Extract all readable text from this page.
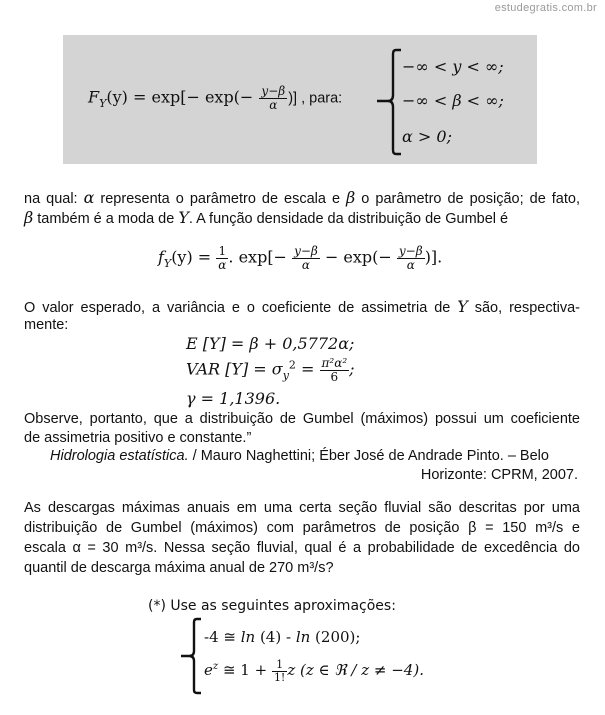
estudegratis.com.br
$F_Y(y) = \exp[- \exp(- \frac{y-\beta}{\alpha}$ )] , para:
−∞ < y < ∞;
−∞ < β < ∞;
α > 0;
na qual: α representa o parâmetro de escala e β o parâmetro de posição; de fato,
β também é a moda de Y. A função densidade da distribuição de Gumbel é
$f_Y(y) = \frac{1}{\alpha}$ . $\exp[- \frac{y-\beta}{\alpha} - \exp(- \frac{y-\beta}{\alpha}$ )].
O valor esperado, a variância e o coeficiente de assimetria de Y são, respectiva-
mente:
E [Y] = β + 0,5772α;
VAR $[Y] = \sigma_y^2 = \frac{\text{π²α²}}{6}$ ;
γ = 1,1396.
Observe, portanto, que a distribuição de Gumbel (máximos) possui um coeficiente
de assimetria positivo e constante.”
Hidrologia estatística. / Mauro Naghettini; Éber José de Andrade Pinto. – Belo
Horizonte: CPRM, 2007.
As descargas máximas anuais em uma certa seção fluvial são descritas por uma
distribuição de Gumbel (máximos) com parâmetros de posição β = 150 m³/s e
escala α = 30 m³/s. Nessa seção fluvial, qual é a probabilidade de excedência do
quantil de descarga máxima anual de 270 m³/s?
(*) Use as seguintes aproximações:
-4 ≅ ln (4) - ln (200);
$e^z$ ≅ $1 + \frac{1}{1!}$ z (z ∈ ℜ / z ≠ −4).
